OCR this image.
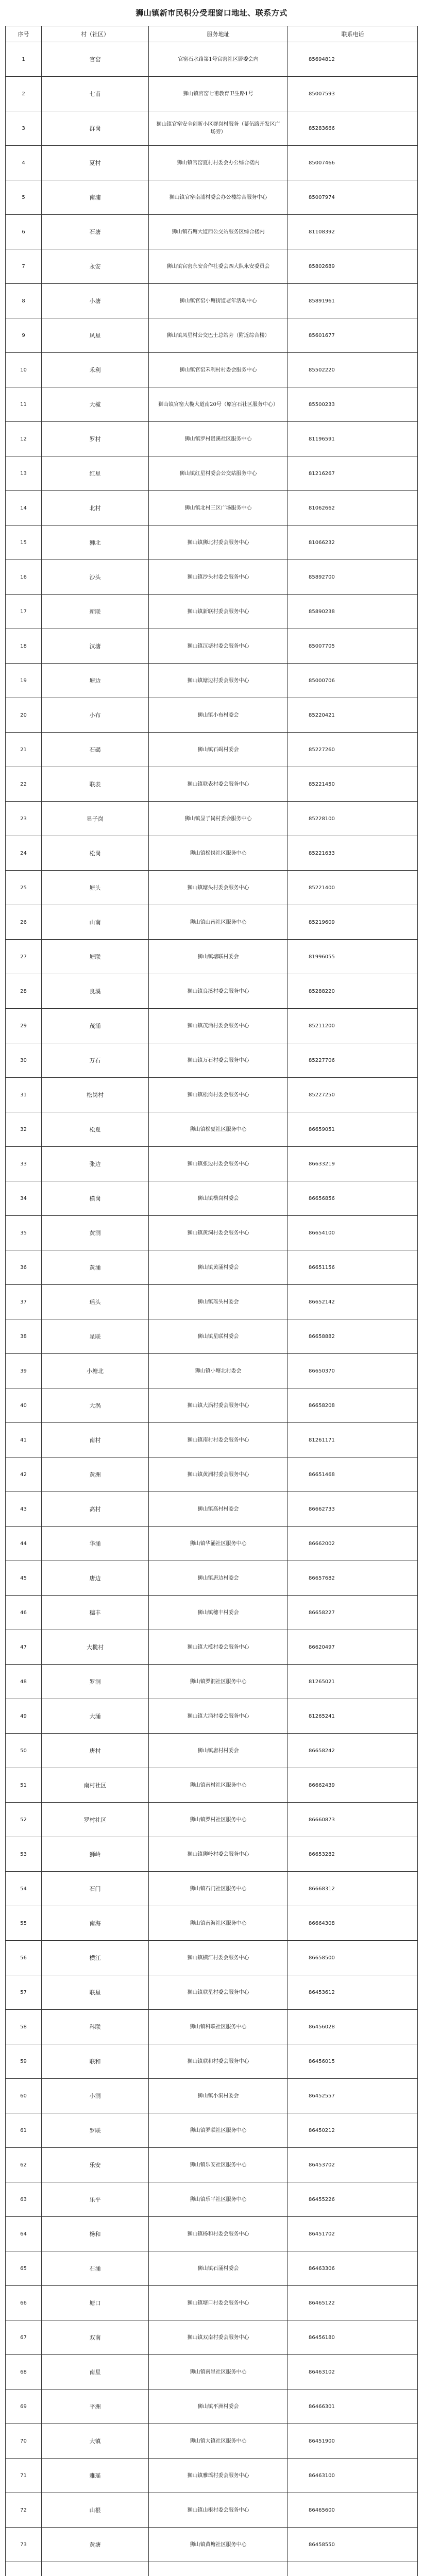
狮山镇新市民积分受理窗口地址、联系方式
序号	村（社区）	服务地址	联系电话
1	官窑	官窑石水路第1号官窑社区居委会内	85694812
2	七甫	狮山镇官窑七甫教育卫生路1号	85007593
3	群岗	狮山镇官窑安全创新小区群岗村服务（幕伍路开发区广场旁）	85283666
4	夏村	狮山镇官窑夏村村委会办公综合楼内	85007466
5	南浦	狮山镇官窑南浦村委会办公楼综合服务中心	85007974
6	石塘	狮山镇石塘大道西公交站服务区综合楼内	81108392
7	永安	狮山镇官窑永安合作社委会四大队永安委员会	85802689
8	小塘	狮山镇官窑小塘街道老年活动中心	85891961
9	凤星	狮山镇凤星村公交巴士总站旁（附近综合楼）	85601677
10	禾利	狮山镇官窑禾利村村委会服务中心	85502220
11	大榄	狮山镇官窑大榄大道南20号（原宫石社区服务中心）	85500233
12	罗村	狮山镇罗村贤溪社区服务中心	81196591
13	红星	狮山镇红星村委会公交站服务中心	81216267
14	北村	狮山镇北村三区广场服务中心	81062662
15	狮北	狮山镇狮北村委会服务中心	81066232
16	沙头	狮山镇沙头村委会服务中心	85892700
17	新联	狮山镇新联村委会服务中心	85890238
18	汉塘	狮山镇汉塘村委会服务中心	85007705
19	塘边	狮山镇塘边村委会服务中心	85000706
20	小布	狮山镇小布村委会	85220421
21	石碣	狮山镇石碣村委会	85227260
22	联表	狮山镇联表村委会服务中心	85221450
23	显子岗	狮山镇显子岗村委会服务中心	85228100
24	松岗	狮山镇松岗社区服务中心	85221633
25	塘头	狮山镇塘头村委会服务中心	85221400
26	山南	狮山镇山南社区服务中心	85219609
27	塘联	狮山镇塘联村委会	81996055
28	良溪	狮山镇良溪村委会服务中心	85288220
29	茂涌	狮山镇茂涌村委会服务中心	85211200
30	万石	狮山镇万石村委会服务中心	85227706
31	松岗村	狮山镇松岗村委会服务中心	85227250
32	松夏	狮山镇松夏社区服务中心	86659051
33	张边	狮山镇张边村委会服务中心	86633219
34	横岗	狮山镇横岗村委会	86656856
35	黄洞	狮山镇黄洞村委会服务中心	86654100
36	黄涌	狮山镇黄涌村委会	86651156
37	瑶头	狮山镇瑶头村委会	86652142
38	星联	狮山镇星联村委会	86658882
39	小塘北	狮山镇小塘北村委会	86650370
40	大涡	狮山镇大涡村委会服务中心	86658208
41	南村	狮山镇南村村委会服务中心	81261171
42	黄洲	狮山镇黄洲村委会服务中心	86651468
43	高村	狮山镇高村村委会	86662733
44	华涌	狮山镇华涌社区服务中心	86662002
45	唐边	狮山镇唐边村委会	86657682
46	穗丰	狮山镇穗丰村委会	86658227
47	大榄村	狮山镇大榄村委会服务中心	86620497
48	罗洞	狮山镇罗洞社区服务中心	81265021
49	大涌	狮山镇大涌村委会服务中心	81265241
50	唐村	狮山镇唐村村委会	86658242
51	南村社区	狮山镇南村社区服务中心	86662439
52	罗村社区	狮山镇罗村社区服务中心	86660873
53	狮岭	狮山镇狮岭村委会服务中心	86653282
54	石门	狮山镇石门社区服务中心	86668312
55	南海	狮山镇南海社区服务中心	86664308
56	横江	狮山镇横江村委会服务中心	86658500
57	联星	狮山镇联星村委会服务中心	86453612
58	科联	狮山镇科联社区服务中心	86456028
59	联和	狮山镇联和村委会服务中心	86456015
60	小洞	狮山镇小洞村委会	86452557
61	罗联	狮山镇罗联社区服务中心	86450212
62	乐安	狮山镇乐安社区服务中心	86453702
63	乐平	狮山镇乐平社区服务中心	86455226
64	杨和	狮山镇杨和村委会服务中心	86451702
65	石涌	狮山镇石涌村委会	86463306
66	塘口	狮山镇塘口村委会服务中心	86465122
67	双南	狮山镇双南村委会服务中心	86456180
68	南星	狮山镇南星社区服务中心	86463102
69	平洲	狮山镇平洲村委会	86466301
70	大镇	狮山镇大镇社区服务中心	86451900
71	雅瑶	狮山镇雅瑶村委会服务中心	86463100
72	山根	狮山镇山根村委会服务中心	86465600
73	黄塘	狮山镇黄塘社区服务中心	86458550
